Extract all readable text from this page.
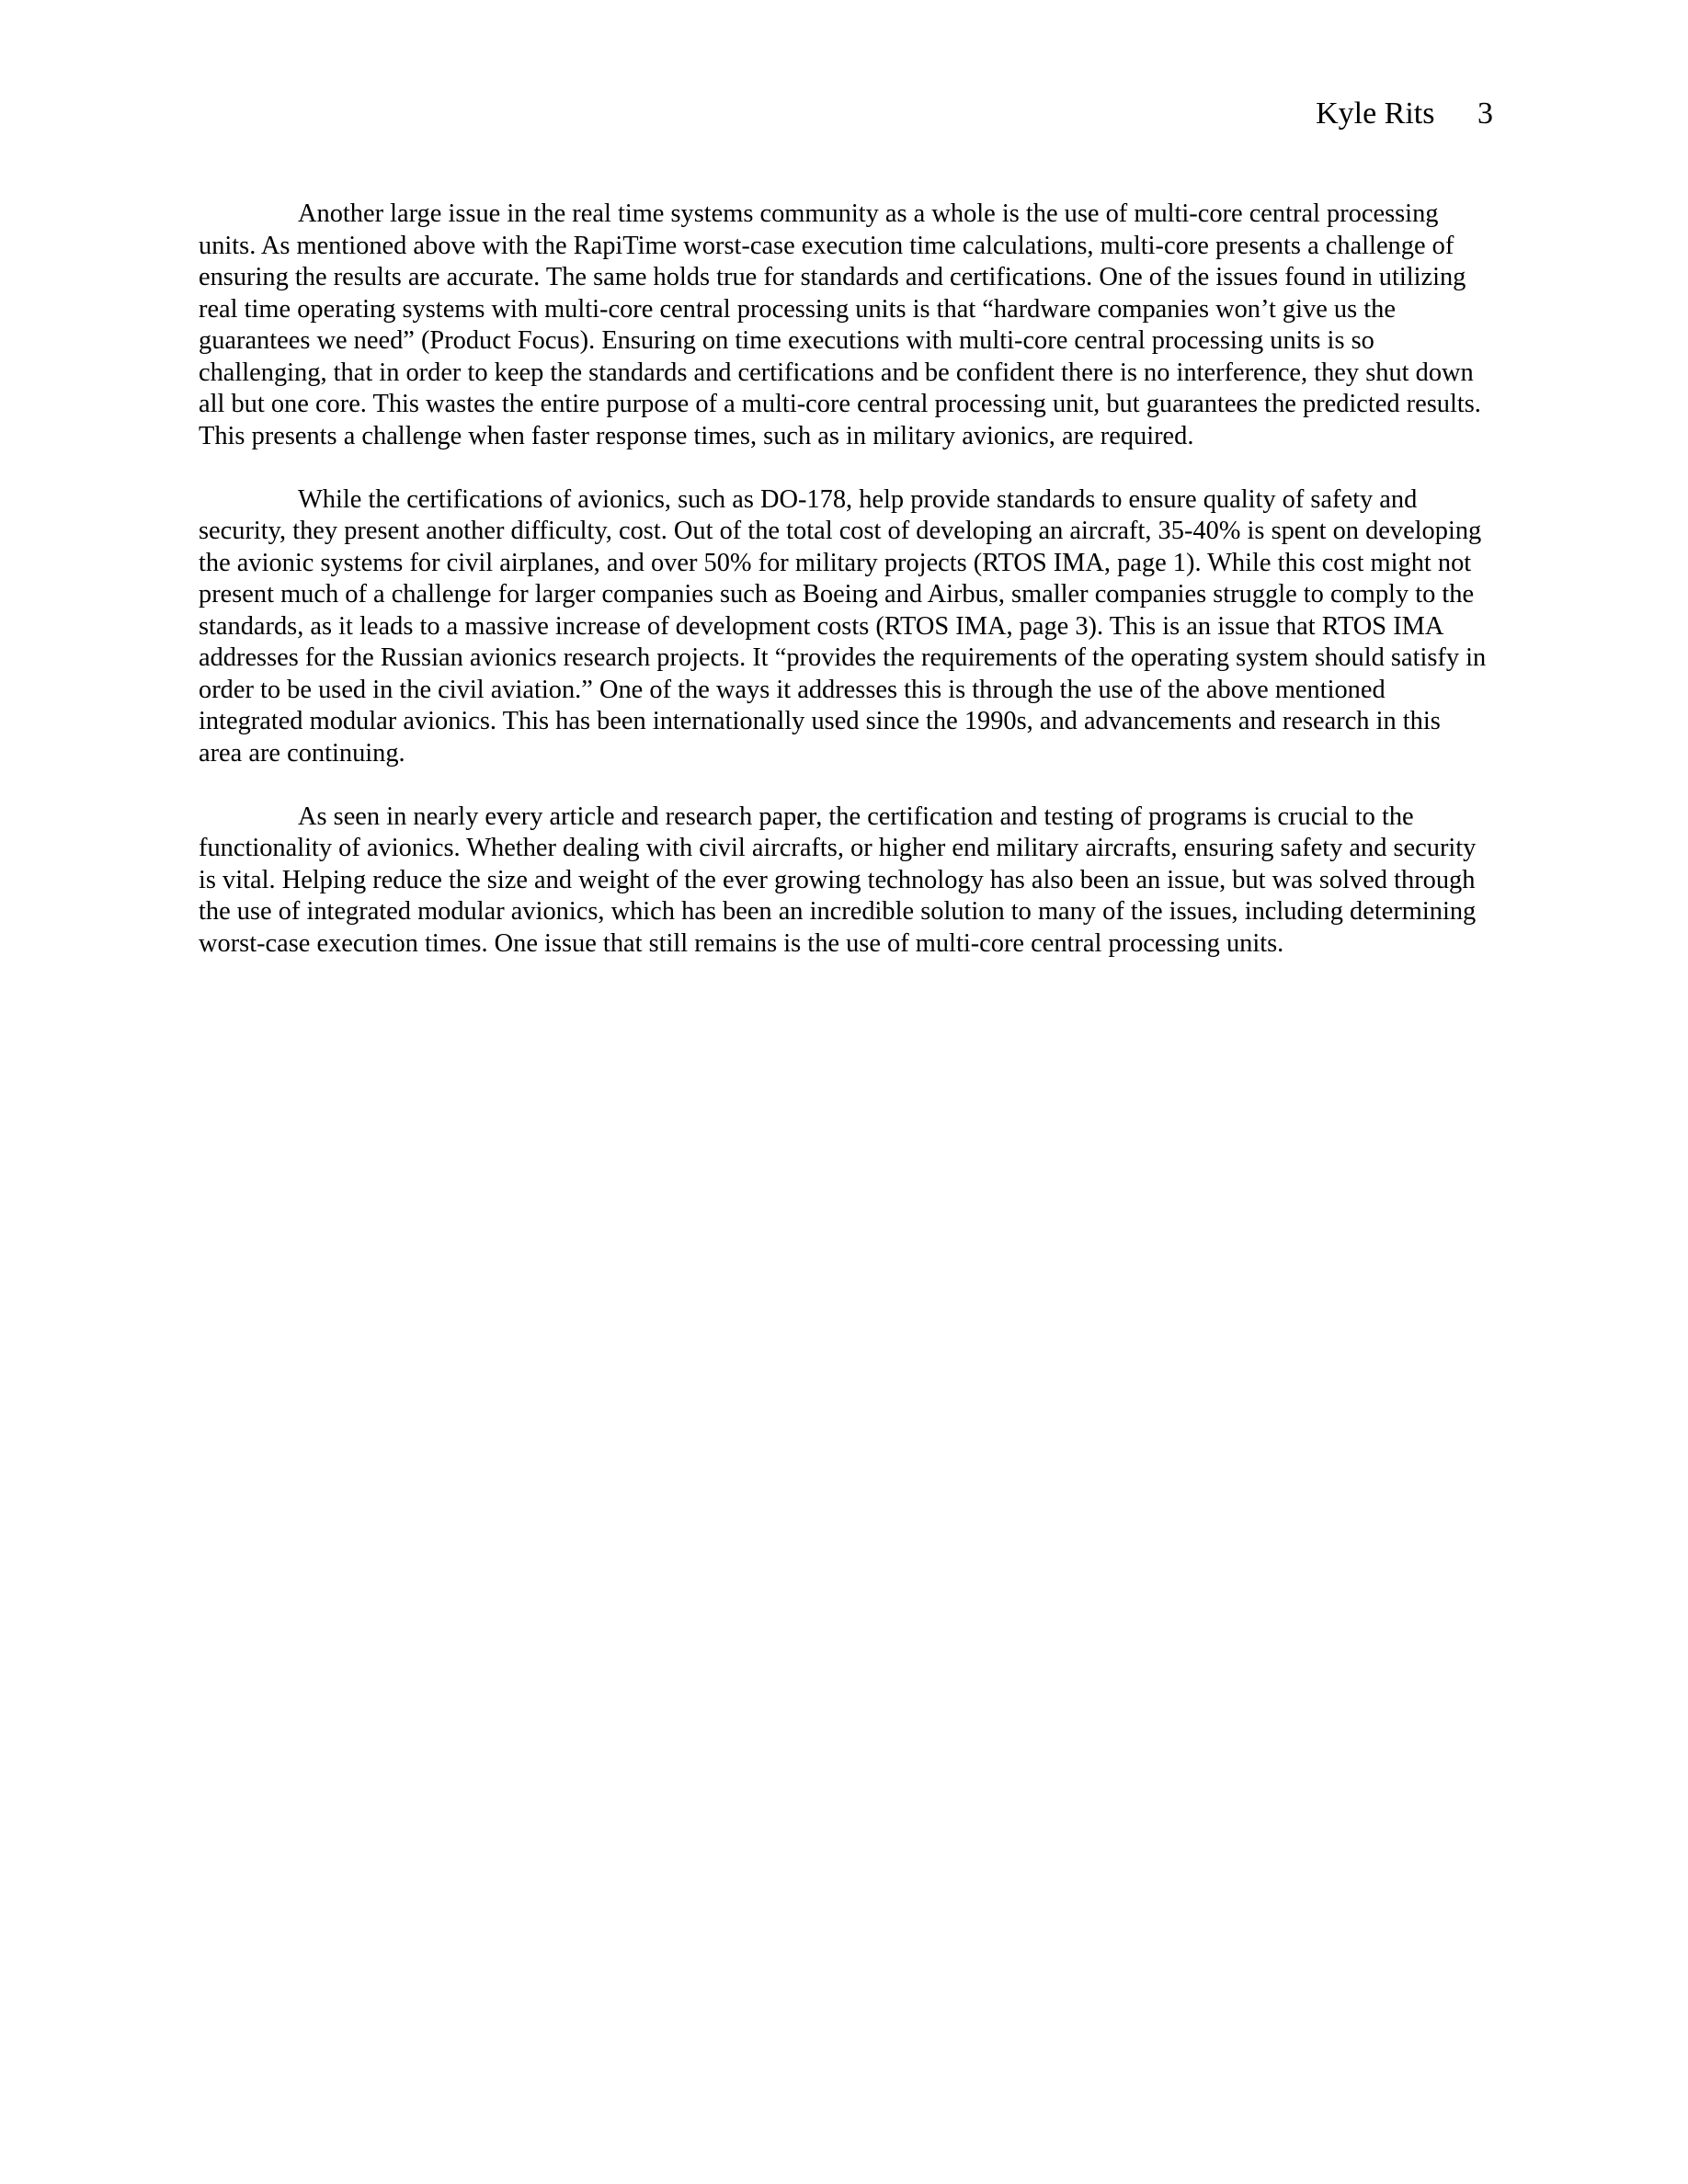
Kyle Rits 3

Another large issue in the real time systems community as a whole is the use of multi-core central processing units. As mentioned above with the RapiTime worst-case execution time calculations, multi-core presents a challenge of ensuring the results are accurate. The same holds true for standards and certifications. One of the issues found in utilizing real time operating systems with multi-core central processing units is that “hardware companies won’t give us the guarantees we need” (Product Focus). Ensuring on time executions with multi-core central processing units is so challenging, that in order to keep the standards and certifications and be confident there is no interference, they shut down all but one core. This wastes the entire purpose of a multi-core central processing unit, but guarantees the predicted results. This presents a challenge when faster response times, such as in military avionics, are required.

While the certifications of avionics, such as DO-178, help provide standards to ensure quality of safety and security, they present another difficulty, cost. Out of the total cost of developing an aircraft, 35-40% is spent on developing the avionic systems for civil airplanes, and over 50% for military projects (RTOS IMA, page 1). While this cost might not present much of a challenge for larger companies such as Boeing and Airbus, smaller companies struggle to comply to the standards, as it leads to a massive increase of development costs (RTOS IMA, page 3). This is an issue that RTOS IMA addresses for the Russian avionics research projects. It “provides the requirements of the operating system should satisfy in order to be used in the civil aviation.” One of the ways it addresses this is through the use of the above mentioned integrated modular avionics. This has been internationally used since the 1990s, and advancements and research in this area are continuing.

As seen in nearly every article and research paper, the certification and testing of programs is crucial to the functionality of avionics. Whether dealing with civil aircrafts, or higher end military aircrafts, ensuring safety and security is vital. Helping reduce the size and weight of the ever growing technology has also been an issue, but was solved through the use of integrated modular avionics, which has been an incredible solution to many of the issues, including determining worst-case execution times. One issue that still remains is the use of multi-core central processing units.
